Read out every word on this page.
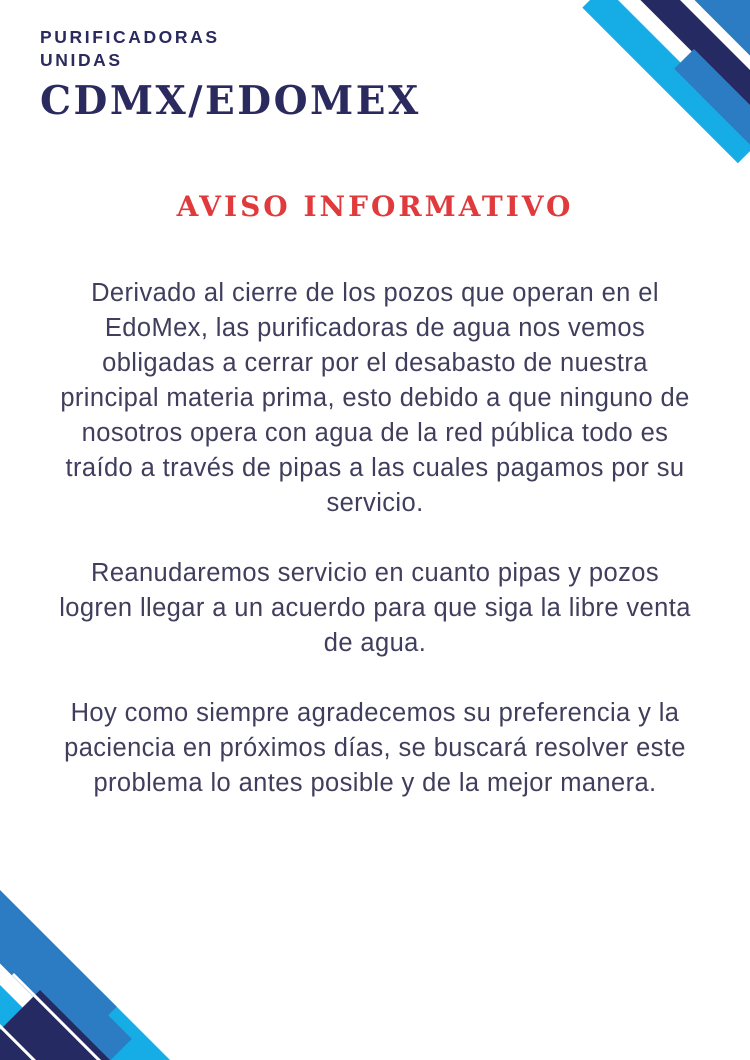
PURIFICADORAS
UNIDAS
CDMX/EDOMEX
AVISO INFORMATIVO

Derivado al cierre de los pozos que operan en el EdoMex, las purificadoras de agua nos vemos obligadas a cerrar por el desabasto de nuestra principal materia prima, esto debido a que ninguno de nosotros opera con agua de la red pública todo es traído a través de pipas a las cuales pagamos por su servicio.

Reanudaremos servicio en cuanto pipas y pozos logren llegar a un acuerdo para que siga la libre venta de agua.

Hoy como siempre agradecemos su preferencia y la paciencia en próximos días, se buscará resolver este problema lo antes posible y de la mejor manera.
